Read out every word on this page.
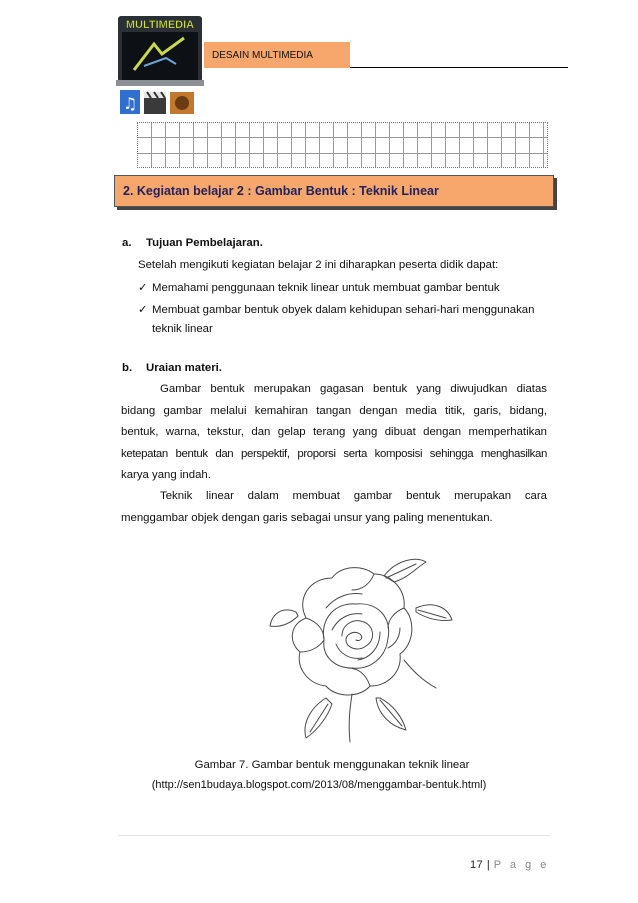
MULTIMEDIA
♫
DESAIN MULTIMEDIA
2. Kegiatan belajar 2 : Gambar Bentuk : Teknik Linear
a. Tujuan Pembelajaran.
Setelah mengikuti kegiatan belajar 2 ini diharapkan peserta didik dapat:
✓ Memahami penggunaan teknik linear untuk membuat gambar bentuk
✓ Membuat gambar bentuk obyek dalam kehidupan sehari-hari menggunakan
teknik linear
b. Uraian materi.
Gambar bentuk merupakan gagasan bentuk yang diwujudkan diatas
bidang gambar melalui kemahiran tangan dengan media titik, garis, bidang,
bentuk, warna, tekstur, dan gelap terang yang dibuat dengan memperhatikan
ketepatan bentuk dan perspektif, proporsi serta komposisi sehingga menghasilkan
karya yang indah.
Teknik linear dalam membuat gambar bentuk merupakan cara
menggambar objek dengan garis sebagai unsur yang paling menentukan.
Gambar 7. Gambar bentuk menggunakan teknik linear
(http://sen1budaya.blogspot.com/2013/08/menggambar-bentuk.html)
17 | P a g e
